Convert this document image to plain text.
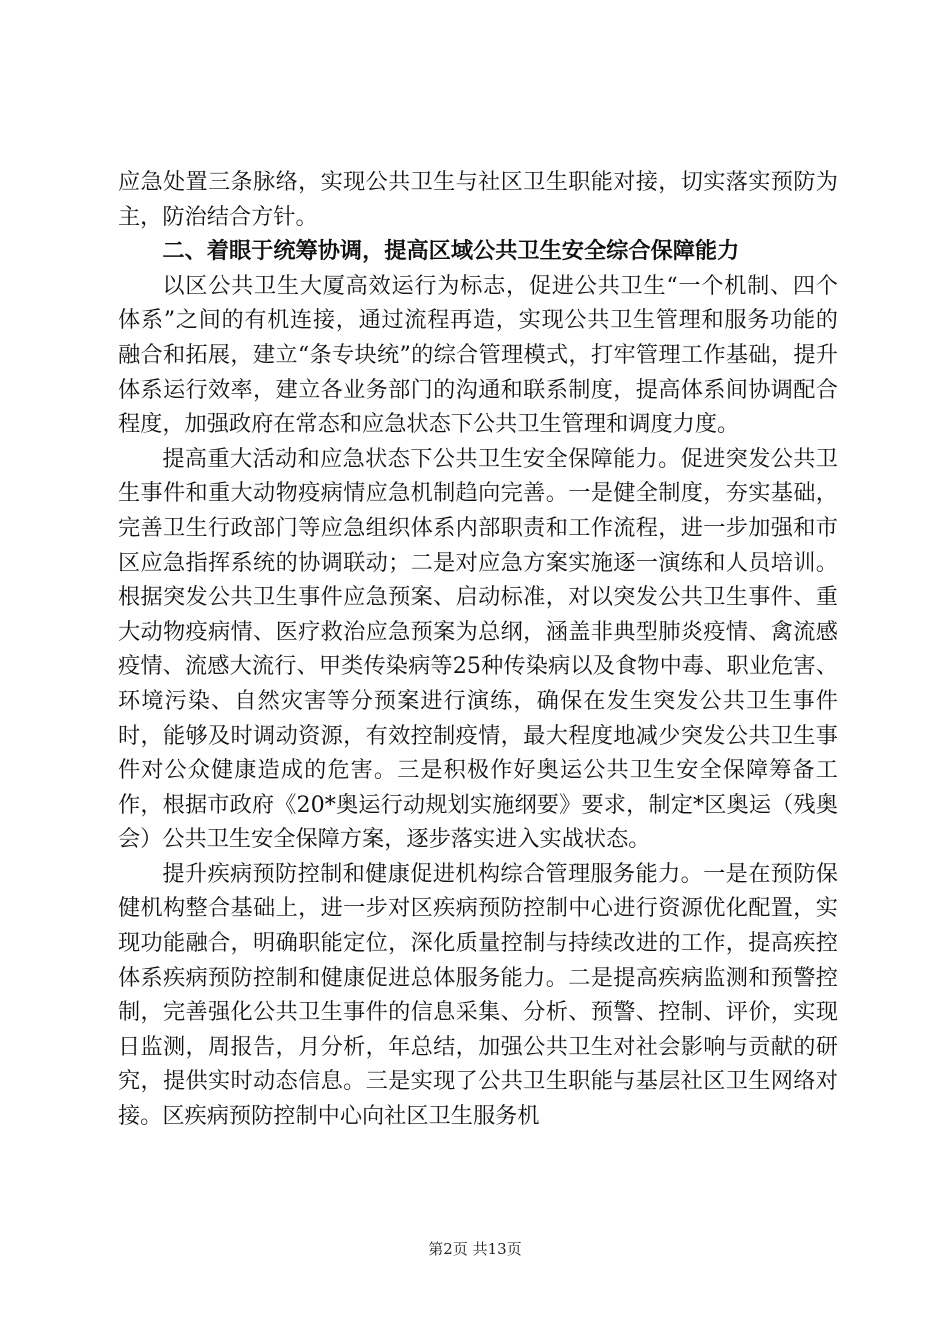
应急处置三条脉络，实现公共卫生与社区卫生职能对接，切实落实预防为主，防治结合方针。

二、着眼于统筹协调，提高区域公共卫生安全综合保障能力

以区公共卫生大厦高效运行为标志，促进公共卫生“一个机制、四个体系”之间的有机连接，通过流程再造，实现公共卫生管理和服务功能的融合和拓展，建立“条专块统”的综合管理模式，打牢管理工作基础，提升体系运行效率，建立各业务部门的沟通和联系制度，提高体系间协调配合程度，加强政府在常态和应急状态下公共卫生管理和调度力度。

提高重大活动和应急状态下公共卫生安全保障能力。促进突发公共卫生事件和重大动物疫病情应急机制趋向完善。一是健全制度，夯实基础，完善卫生行政部门等应急组织体系内部职责和工作流程，进一步加强和市区应急指挥系统的协调联动；二是对应急方案实施逐一演练和人员培训。根据突发公共卫生事件应急预案、启动标准，对以突发公共卫生事件、重大动物疫病情、医疗救治应急预案为总纲，涵盖非典型肺炎疫情、禽流感疫情、流感大流行、甲类传染病等25种传染病以及食物中毒、职业危害、环境污染、自然灾害等分预案进行演练，确保在发生突发公共卫生事件时，能够及时调动资源，有效控制疫情，最大程度地减少突发公共卫生事件对公众健康造成的危害。三是积极作好奥运公共卫生安全保障筹备工作，根据市政府《20*奥运行动规划实施纲要》要求，制定*区奥运（残奥会）公共卫生安全保障方案，逐步落实进入实战状态。

提升疾病预防控制和健康促进机构综合管理服务能力。一是在预防保健机构整合基础上，进一步对区疾病预防控制中心进行资源优化配置，实现功能融合，明确职能定位，深化质量控制与持续改进的工作，提高疾控体系疾病预防控制和健康促进总体服务能力。二是提高疾病监测和预警控制，完善强化公共卫生事件的信息采集、分析、预警、控制、评价，实现日监测，周报告，月分析，年总结，加强公共卫生对社会影响与贡献的研究，提供实时动态信息。三是实现了公共卫生职能与基层社区卫生网络对接。区疾病预防控制中心向社区卫生服务机

第2页 共13页
